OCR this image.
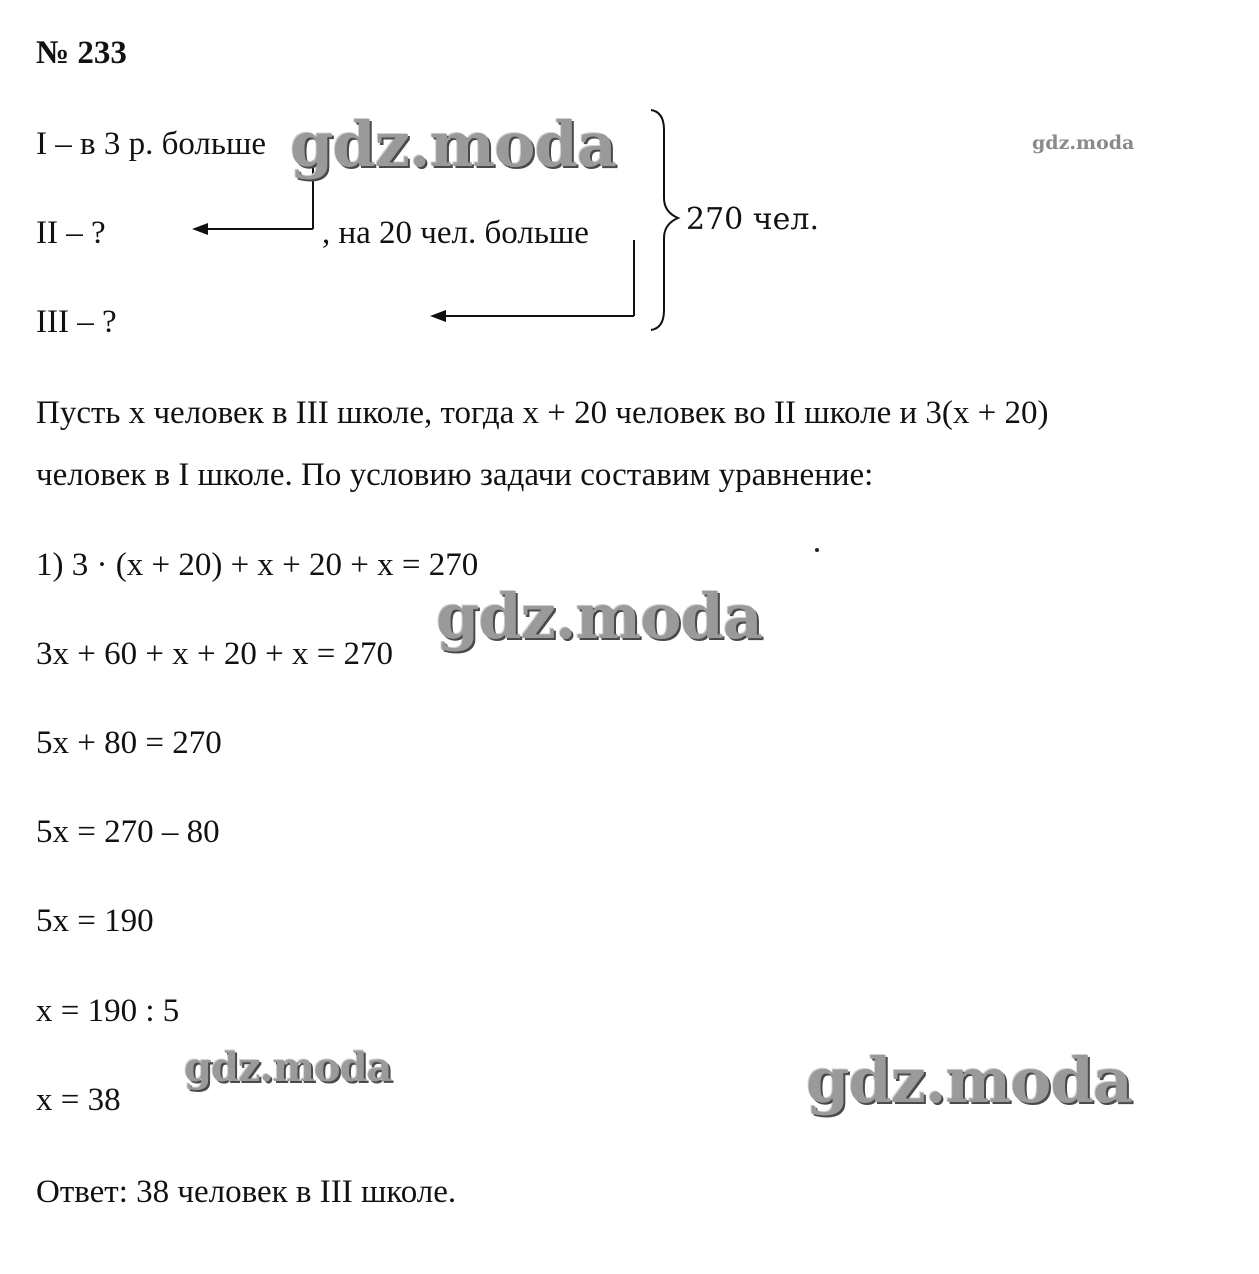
№ 233
I – в 3 р. больше
II – ?	, на 20 чел. больше
III – ?
270 чел.
Пусть x человек в III школе, тогда x + 20 человек во II школе и 3(x + 20)
человек в I школе. По условию задачи составим уравнение:
1) 3 · (x + 20) + x + 20 + x = 270
3x + 60 + x + 20 + x = 270
5x + 80 = 270
5x = 270 – 80
5x = 190
x = 190 : 5
x = 38
Ответ: 38 человек в III школе.
gdz.moda	gdz.moda
gdz.moda
gdz.moda	gdz.moda
